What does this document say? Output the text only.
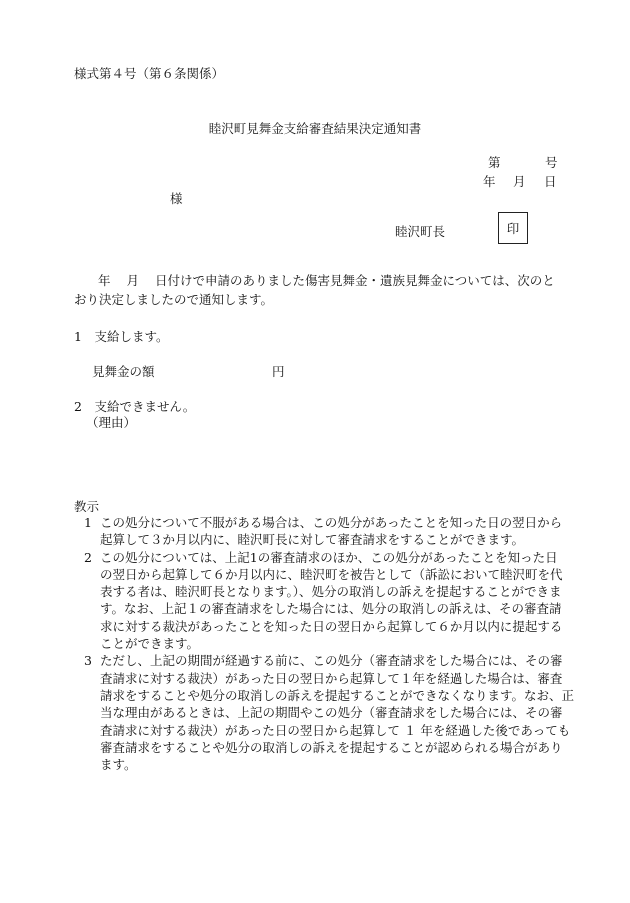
様式第４号（第６条関係）
睦沢町見舞金支給審査結果決定通知書
第	号
年 月 日
様
睦沢町長	印
年 月 日付けで申請のありました傷害見舞金・遺族見舞金については、次のと
おり決定しましたので通知します。
1　支給します。
見舞金の額	円
2　支給できません。
（理由）
教示
1 この処分について不服がある場合は、この処分があったことを知った日の翌日から
起算して３か月以内に、睦沢町長に対して審査請求をすることができます。
2 この処分については、上記1の審査請求のほか、この処分があったことを知った日
の翌日から起算して６か月以内に、睦沢町を被告として（訴訟において睦沢町を代
表する者は、睦沢町長となります。）、処分の取消しの訴えを提起することができま
す。なお、上記１の審査請求をした場合には、処分の取消しの訴えは、その審査請
求に対する裁決があったことを知った日の翌日から起算して６か月以内に提起する
ことができます。
3 ただし、上記の期間が経過する前に、この処分（審査請求をした場合には、その審
査請求に対する裁決）があった日の翌日から起算して１年を経過した場合は、審査
請求をすることや処分の取消しの訴えを提起することができなくなります。なお、正
当な理由があるときは、上記の期間やこの処分（審査請求をした場合には、その審
査請求に対する裁決）があった日の翌日から起算して １ 年を経過した後であっても
審査請求をすることや処分の取消しの訴えを提起することが認められる場合があり
ます。
